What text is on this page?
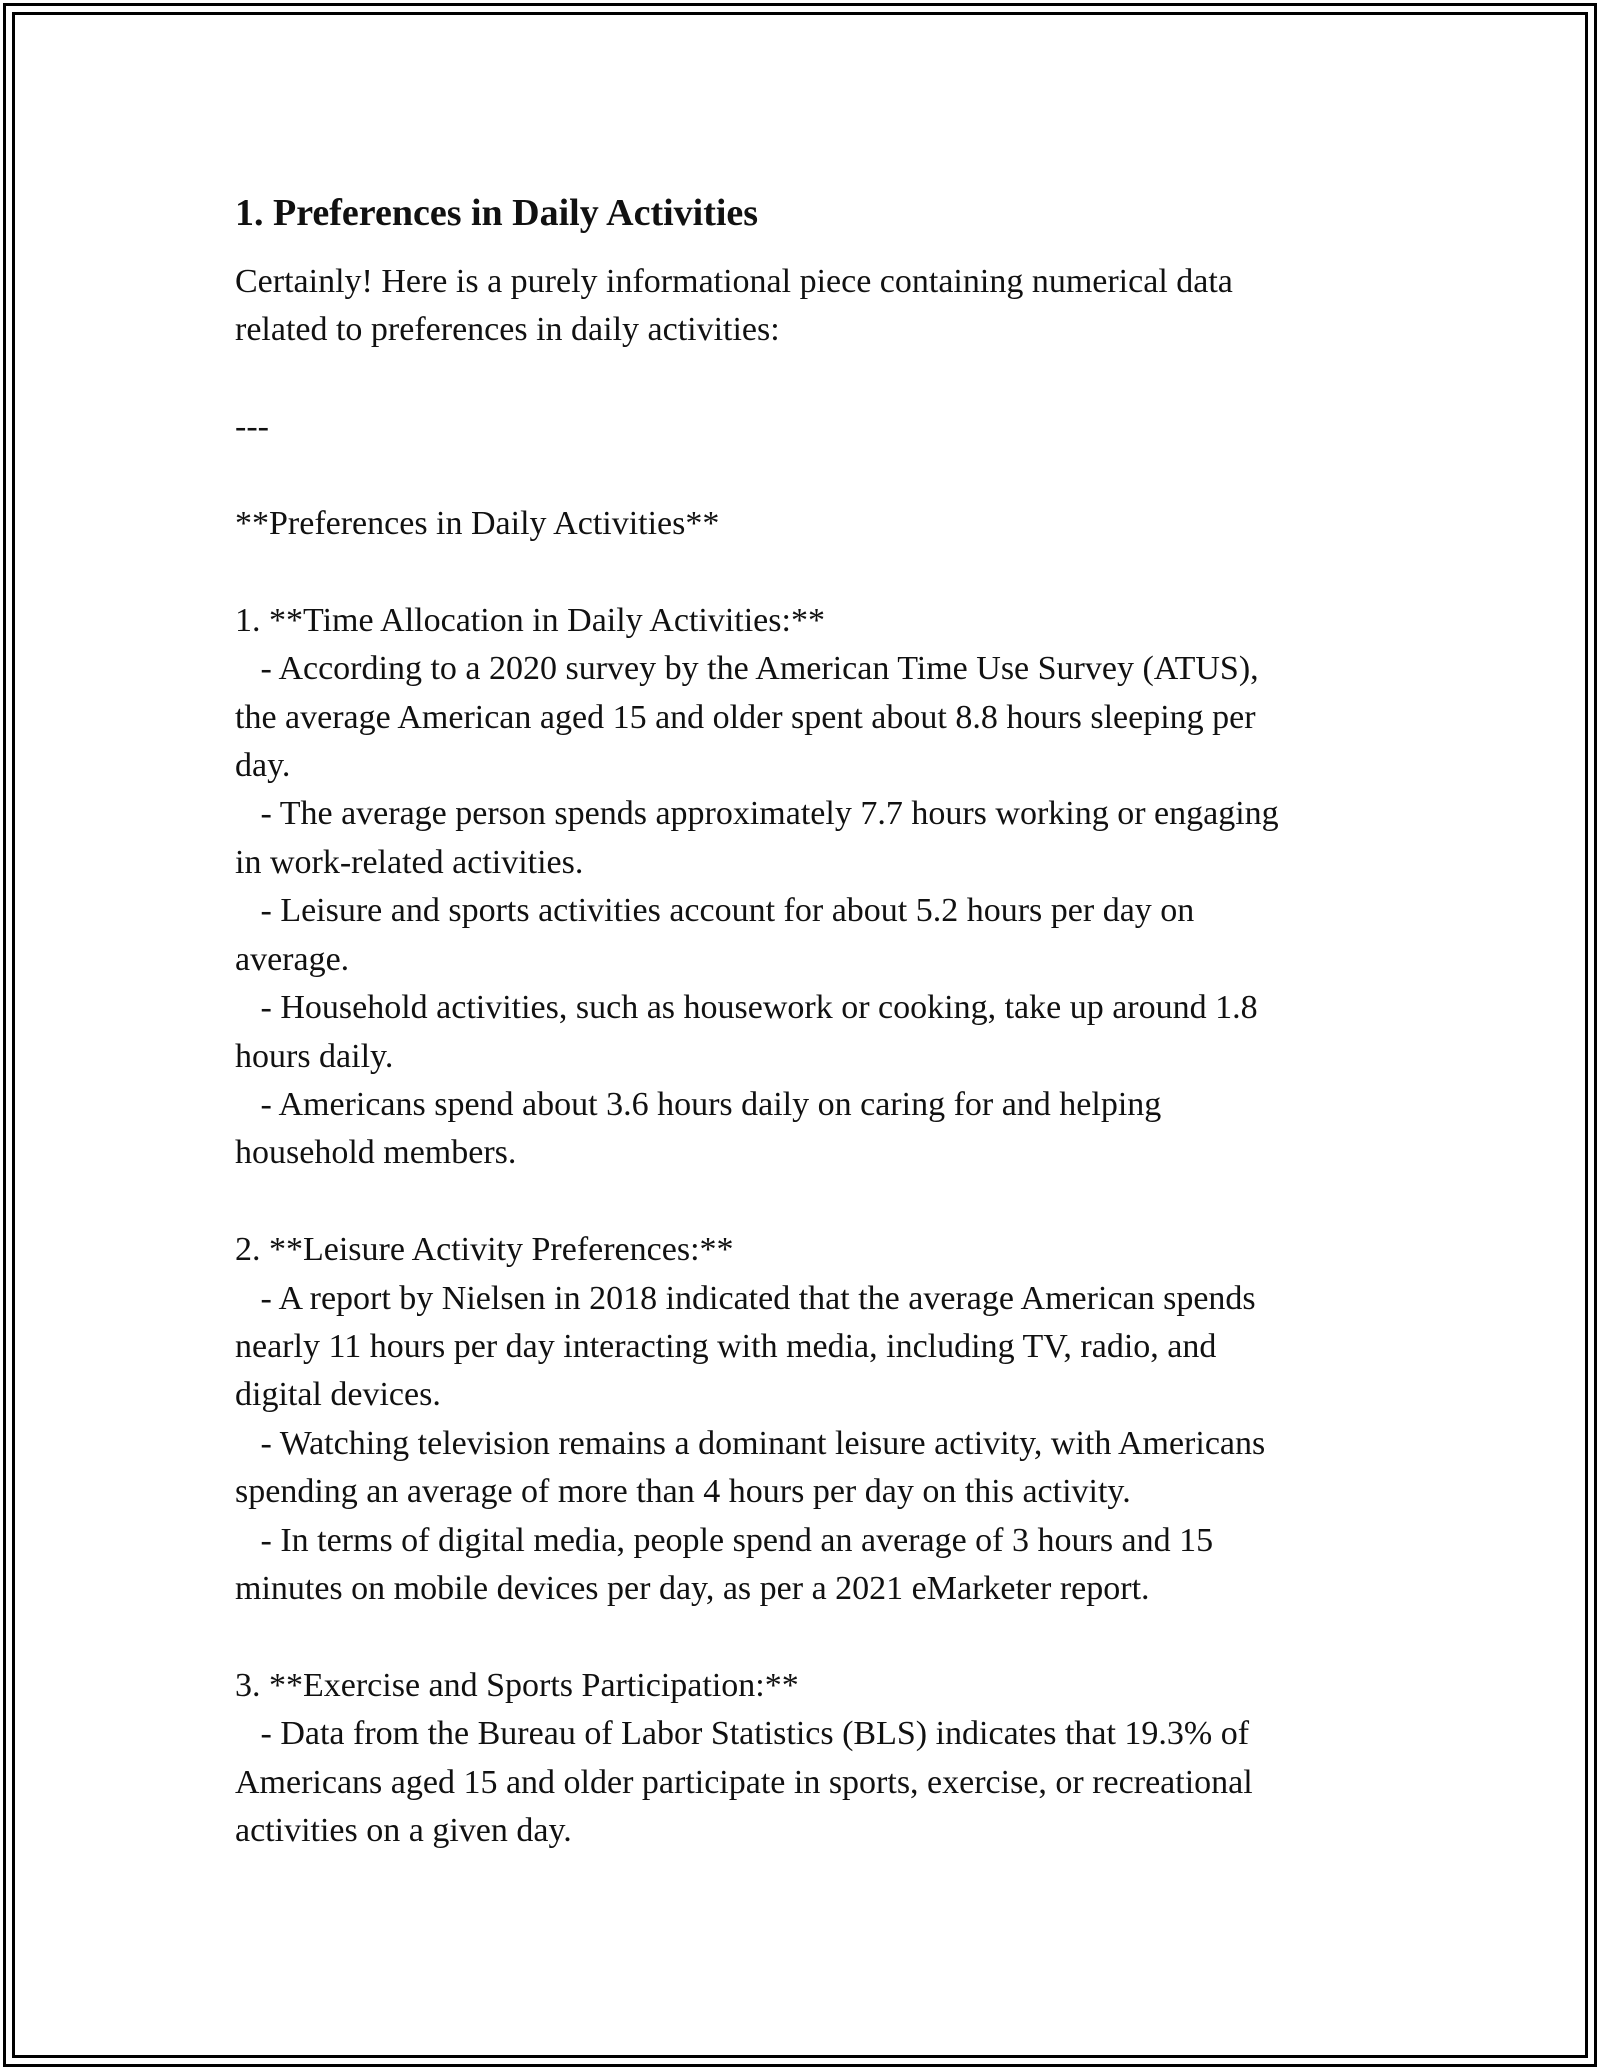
1. Preferences in Daily Activities

Certainly! Here is a purely informational piece containing numerical data

related to preferences in daily activities:

---

**Preferences in Daily Activities**

1. **Time Allocation in Daily Activities:**

- According to a 2020 survey by the American Time Use Survey (ATUS),

the average American aged 15 and older spent about 8.8 hours sleeping per

day.

- The average person spends approximately 7.7 hours working or engaging

in work-related activities.

- Leisure and sports activities account for about 5.2 hours per day on

average.

- Household activities, such as housework or cooking, take up around 1.8

hours daily.

- Americans spend about 3.6 hours daily on caring for and helping

household members.

2. **Leisure Activity Preferences:**

- A report by Nielsen in 2018 indicated that the average American spends

nearly 11 hours per day interacting with media, including TV, radio, and

digital devices.

- Watching television remains a dominant leisure activity, with Americans

spending an average of more than 4 hours per day on this activity.

- In terms of digital media, people spend an average of 3 hours and 15

minutes on mobile devices per day, as per a 2021 eMarketer report.

3. **Exercise and Sports Participation:**

- Data from the Bureau of Labor Statistics (BLS) indicates that 19.3% of

Americans aged 15 and older participate in sports, exercise, or recreational

activities on a given day.
